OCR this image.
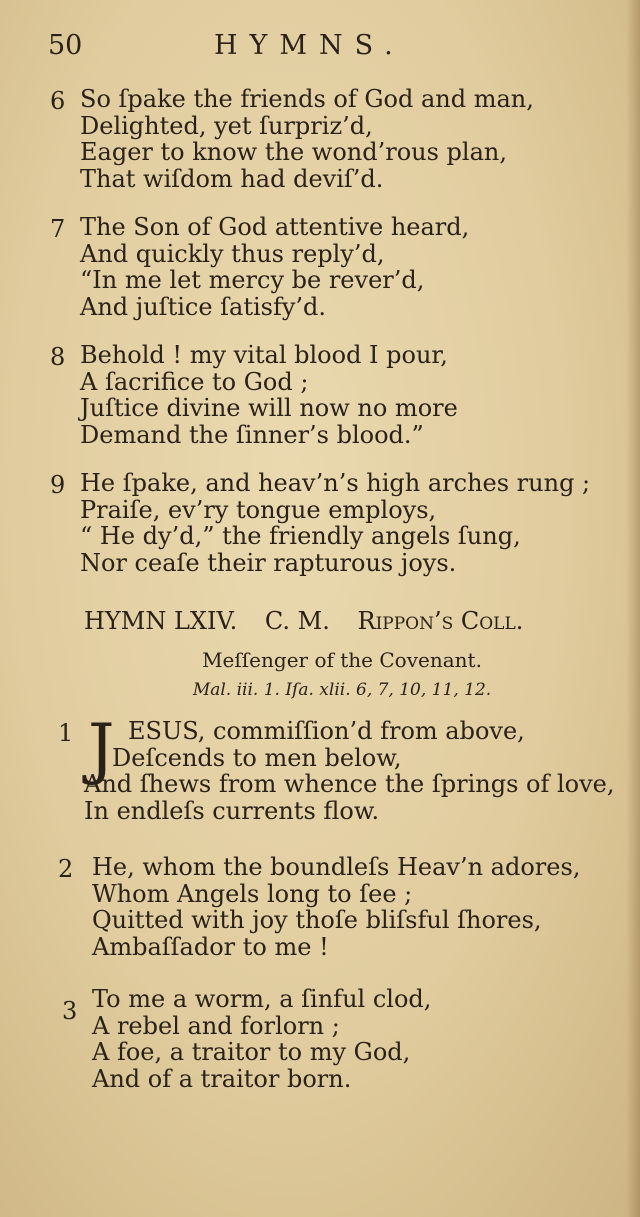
50	HYMNS.
6 So ſpake the friends of God and man,
Delighted, yet ſurpriz’d,
Eager to know the wond’rous plan,
That wiſdom had deviſ’d.
7 The Son of God attentive heard,
And quickly thus reply’d,
“In me let mercy be rever’d,
And juſtice ſatisfy’d.
8 Behold ! my vital blood I pour,
A ſacrifice to God ;
Juſtice divine will now no more
Demand the ſinner’s blood.”
9 He ſpake, and heav’n’s high arches rung ;
Praiſe, ev’ry tongue employs,
“ He dy’d,” the friendly angels ſung,
Nor ceaſe their rapturous joys.
HYMN LXIV. C. M. Rippon’s Coll.
Meſſenger of the Covenant.
Mal. iii. 1. Iſa. xlii. 6, 7, 10, 11, 12.
J
1	ESUS, commiſſion’d from above,
Deſcends to men below,
And ſhews from whence the ſprings of love,
In endleſs currents flow.
2 He, whom the boundleſs Heav’n adores,
Whom Angels long to ſee ;
Quitted with joy thoſe bliſsful ſhores,
Ambaſſador to me !
3 To me a worm, a ſinful clod,
A rebel and forlorn ;
A foe, a traitor to my God,
And of a traitor born.
